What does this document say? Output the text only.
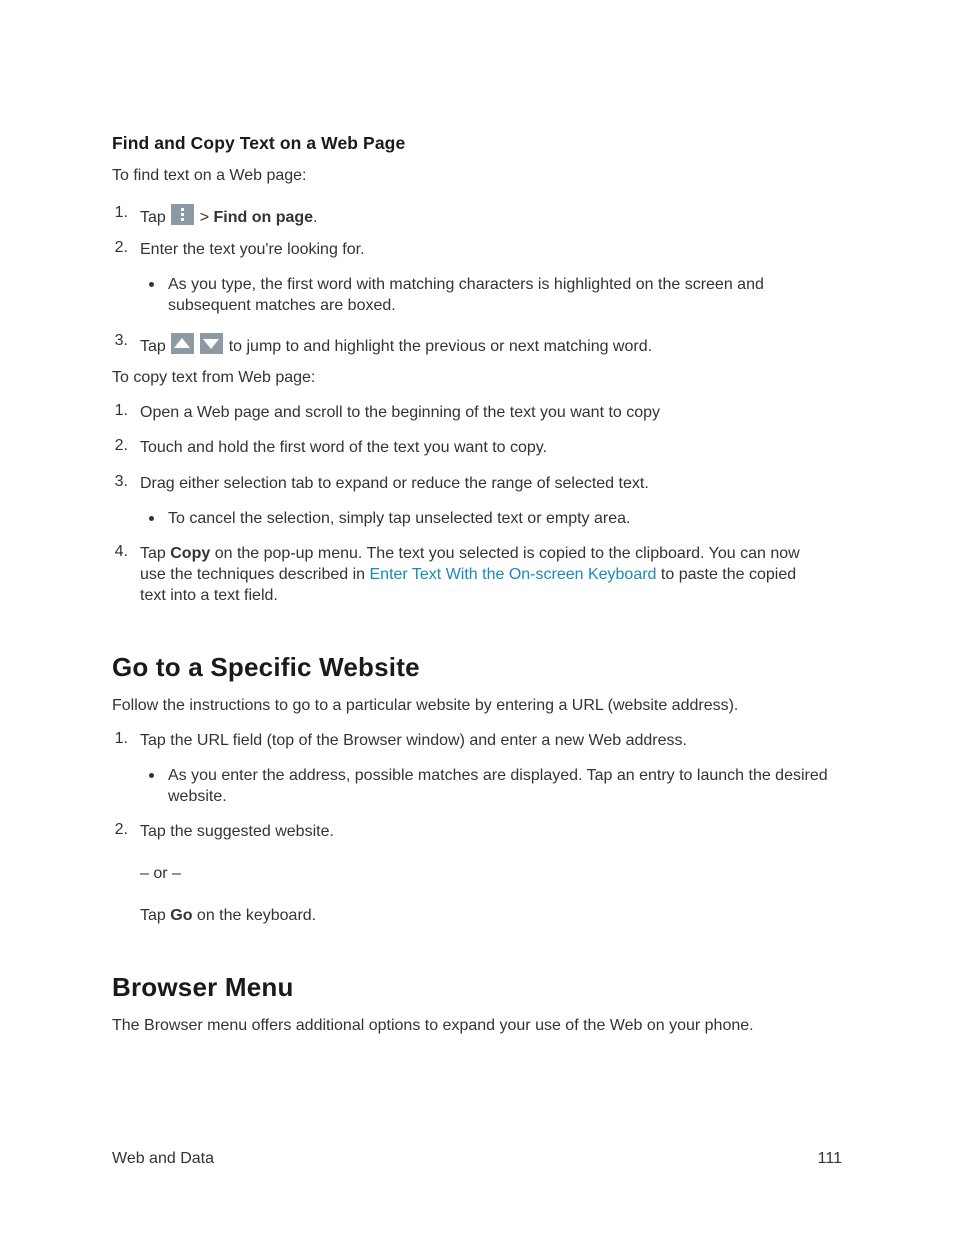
Find and Copy Text on a Web Page
To find text on a Web page:
1. Tap > Find on page.
2. Enter the text you're looking for.
As you type, the first word with matching characters is highlighted on the screen and subsequent matches are boxed.
3. Tap	to jump to and highlight the previous or next matching word.
To copy text from Web page:
1. Open a Web page and scroll to the beginning of the text you want to copy
2. Touch and hold the first word of the text you want to copy.
3. Drag either selection tab to expand or reduce the range of selected text.
To cancel the selection, simply tap unselected text or empty area.
4. Tap Copy on the pop-up menu. The text you selected is copied to the clipboard. You can now use the techniques described in Enter Text With the On-screen Keyboard to paste the copied text into a text field.
Go to a Specific Website
Follow the instructions to go to a particular website by entering a URL (website address).
1. Tap the URL field (top of the Browser window) and enter a new Web address.
As you enter the address, possible matches are displayed. Tap an entry to launch the desired website.
2. Tap the suggested website.
– or –
Tap Go on the keyboard.
Browser Menu
The Browser menu offers additional options to expand your use of the Web on your phone.
Web and Data	111
